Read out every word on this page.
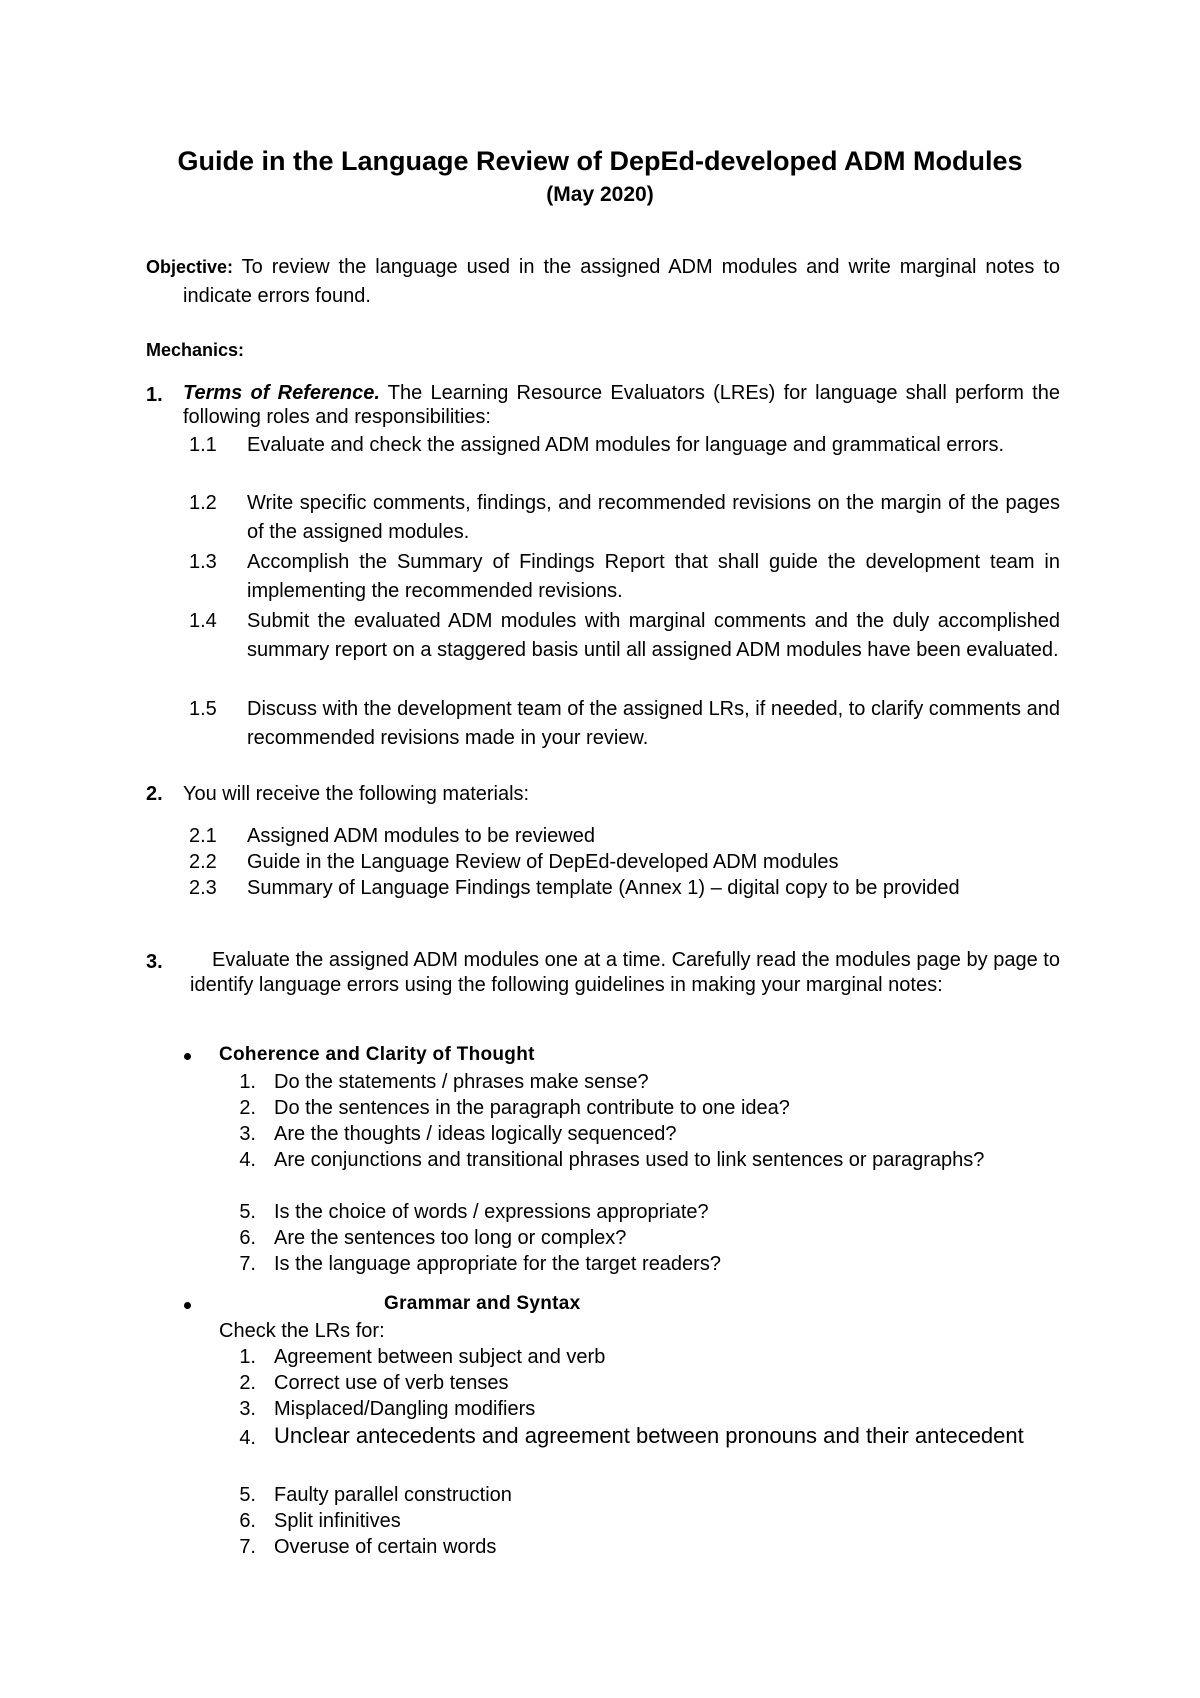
Guide in the Language Review of DepEd-developed ADM Modules
(May 2020)
Objective: To review the language used in the assigned ADM modules and write marginal notes to indicate errors found.
Mechanics:
1. Terms of Reference. The Learning Resource Evaluators (LREs) for language shall perform the following roles and responsibilities:
1.1	Evaluate and check the assigned ADM modules for language and grammatical errors.
1.2	Write specific comments, findings, and recommended revisions on the margin of the pages of the assigned modules.
1.3	Accomplish the Summary of Findings Report that shall guide the development team in implementing the recommended revisions.
1.4	Submit the evaluated ADM modules with marginal comments and the duly accomplished summary report on a staggered basis until all assigned ADM modules have been evaluated.
1.5	Discuss with the development team of the assigned LRs, if needed, to clarify comments and recommended revisions made in your review.
2. You will receive the following materials:
2.1	Assigned ADM modules to be reviewed
2.2	Guide in the Language Review of DepEd-developed ADM modules
2.3	Summary of Language Findings template (Annex 1) – digital copy to be provided
3.	Evaluate the assigned ADM modules one at a time. Carefully read the modules page by page to identify language errors using the following guidelines in making your marginal notes:
Coherence and Clarity of Thought
1. Do the statements / phrases make sense?
2. Do the sentences in the paragraph contribute to one idea?
3. Are the thoughts / ideas logically sequenced?
4. Are conjunctions and transitional phrases used to link sentences or paragraphs?
5. Is the choice of words / expressions appropriate?
6. Are the sentences too long or complex?
7. Is the language appropriate for the target readers?
Grammar and Syntax
Check the LRs for:
1. Agreement between subject and verb
2. Correct use of verb tenses
3. Misplaced/Dangling modifiers
4. Unclear antecedents and agreement between pronouns and their antecedent
5. Faulty parallel construction
6. Split infinitives
7. Overuse of certain words
